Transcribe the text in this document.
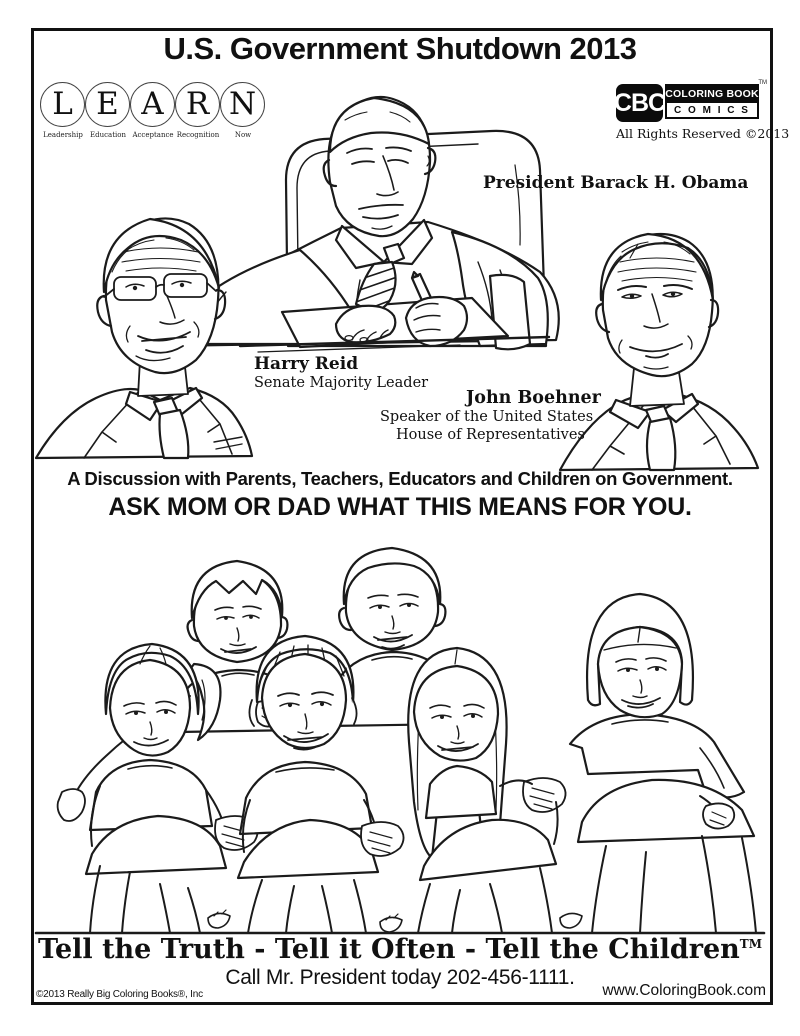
U.S. Government Shutdown 2013
L
Leadership
E
Education
A
Acceptance
R
Recognition
N
Now
CBC COLORING BOOK
C O M I C S
TM
All Rights Reserved ©2013
President Barack H. Obama
Harry Reid
Senate Majority Leader
John Boehner
Speaker of the United States
House of Representatives
A Discussion with Parents, Teachers, Educators and Children on Government.
ASK MOM OR DAD WHAT THIS MEANS FOR YOU.
Tell the Truth - Tell it Often - Tell the Children™
Call Mr. President today 202-456-1111.
©2013 Really Big Coloring Books®, Inc	www.ColoringBook.com
